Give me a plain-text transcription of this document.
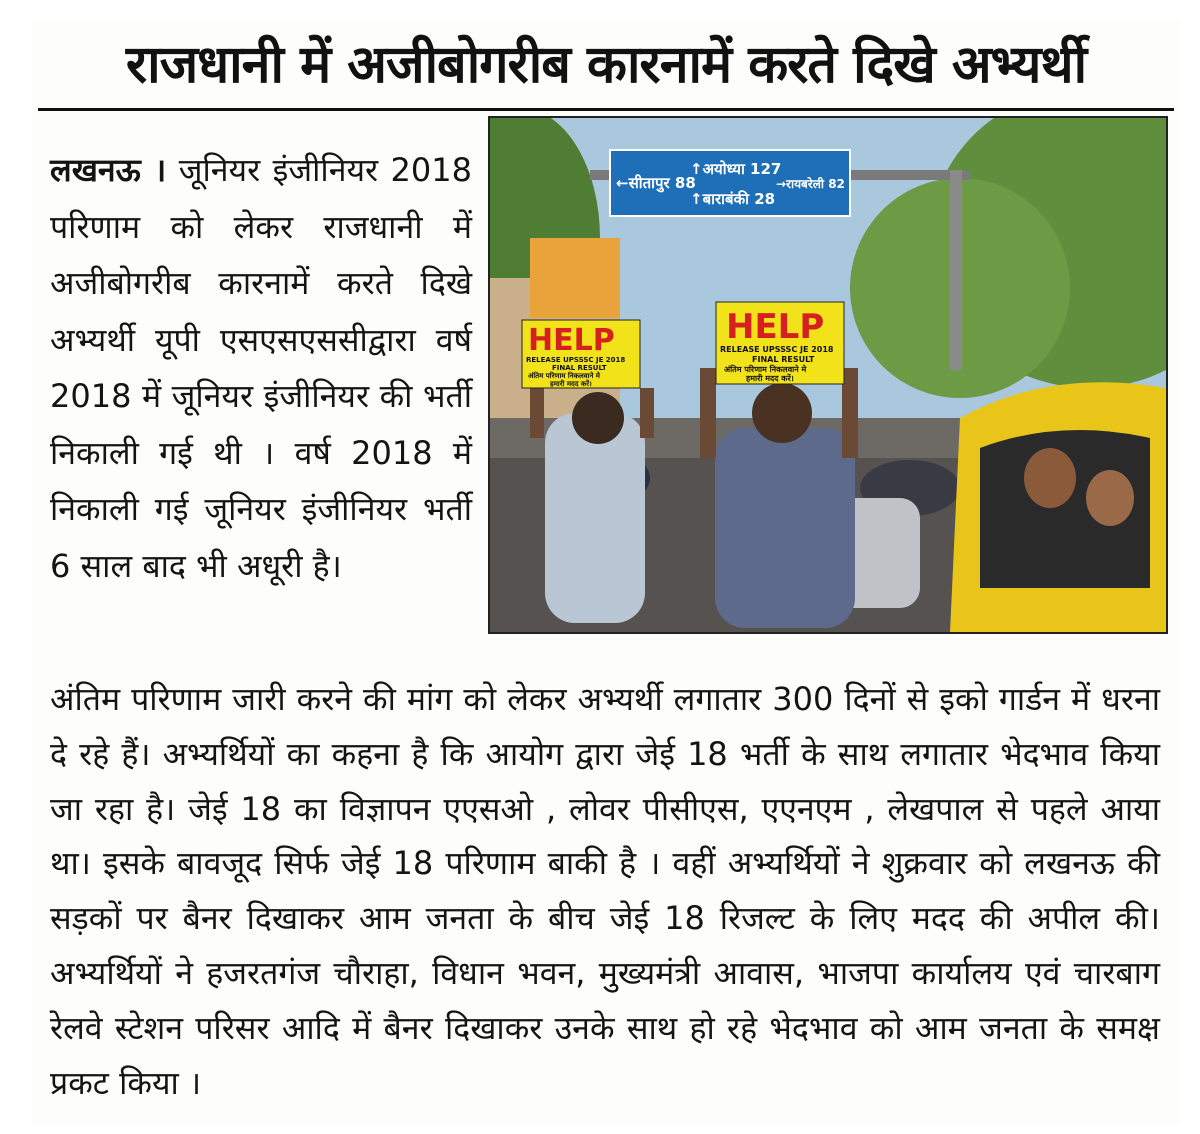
राजधानी में अजीबोगरीब कारनामें करते दिखे अभ्यर्थी
लखनऊ । जूनियर इंजीनियर 2018 परिणाम को लेकर राजधानी में अजीबोगरीब कारनामें करते दिखे अभ्यर्थी यूपी एसएसएससीद्वारा वर्ष 2018 में जूनियर इंजीनियर की भर्ती निकाली गई थी । वर्ष 2018 में निकाली गई जूनियर इंजीनियर भर्ती 6 साल बाद भी अधूरी है।
←सीतापुर 88
↑अयोध्या 127
↑बाराबंकी 28
→रायबरेली 82
HELP
RELEASE UPSSSC JE 2018
FINAL RESULT
अंतिम परिणाम निकलवाने मे
हमारी मदद करें।
HELP
RELEASE UPSSSC JE 2018
FINAL RESULT
अंतिम परिणाम निकलवाने मे
हमारी मदद करें।
अंतिम परिणाम जारी करने की मांग को लेकर अभ्यर्थी लगातार 300 दिनों से इको गार्डन में धरना दे रहे हैं। अभ्यर्थियों का कहना है कि आयोग द्वारा जेई 18 भर्ती के साथ लगातार भेदभाव किया जा रहा है। जेई 18 का विज्ञापन एएसओ , लोवर पीसीएस, एएनएम , लेखपाल से पहले आया था। इसके बावजूद सिर्फ जेई 18 परिणाम बाकी है । वहीं अभ्यर्थियों ने शुक्रवार को लखनऊ की सड़कों पर बैनर दिखाकर आम जनता के बीच जेई 18 रिजल्ट के लिए मदद की अपील की। अभ्यर्थियों ने हजरतगंज चौराहा, विधान भवन, मुख्यमंत्री आवास, भाजपा कार्यालय एवं चारबाग रेलवे स्टेशन परिसर आदि में बैनर दिखाकर उनके साथ हो रहे भेदभाव को आम जनता के समक्ष प्रकट किया ।
